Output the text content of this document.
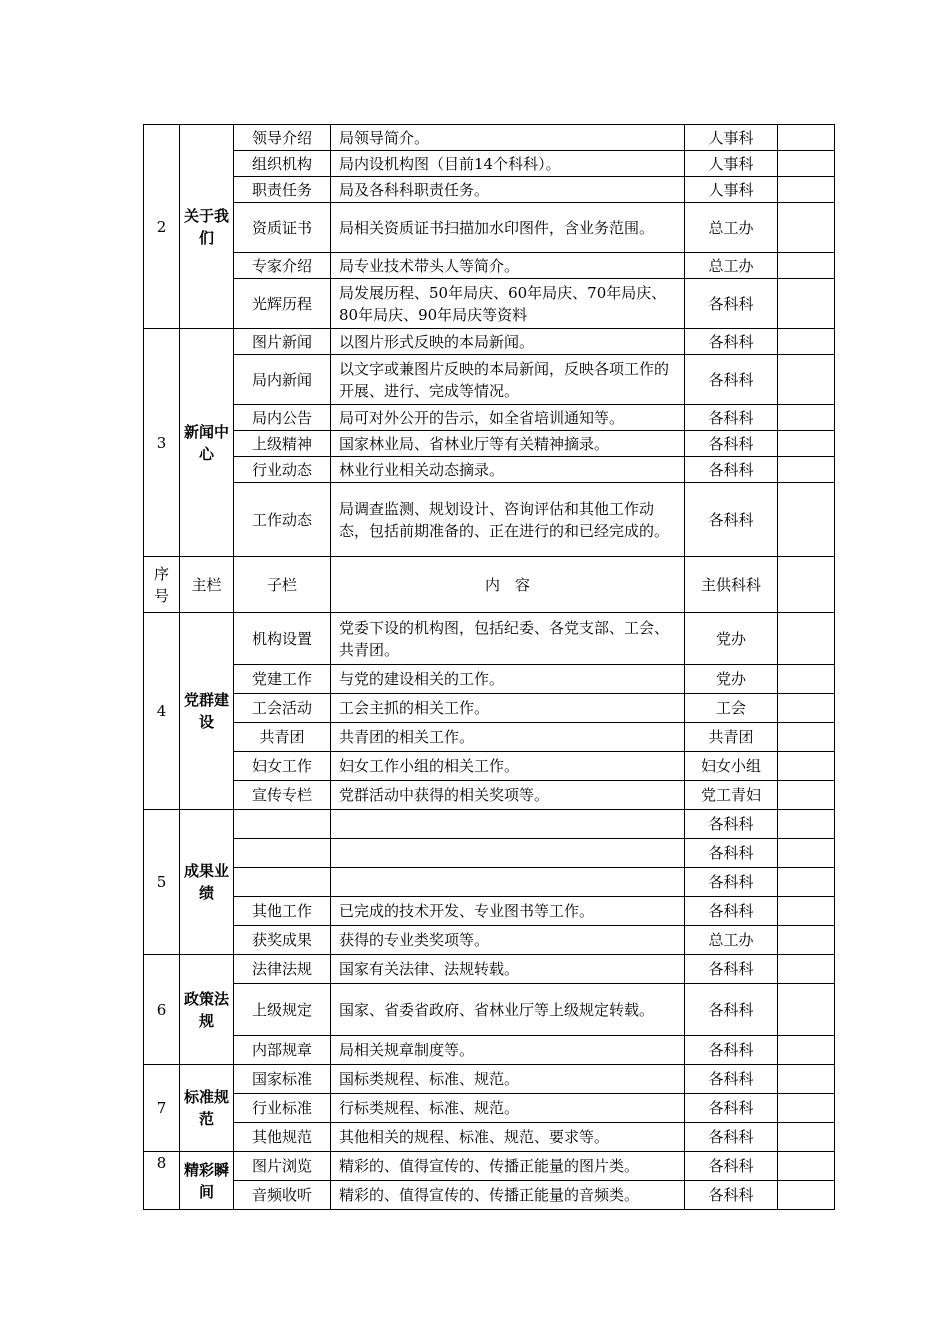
2	关于我们	领导介绍	局领导简介。	人事科	
		组织机构	局内设机构图（目前14个科科）。	人事科	
		职责任务	局及各科科职责任务。	人事科	
		资质证书	局相关资质证书扫描加水印图件，含业务范围。	总工办	
		专家介绍	局专业技术带头人等简介。	总工办	
		光辉历程	局发展历程、50年局庆、60年局庆、70年局庆、80年局庆、90年局庆等资料	各科科	
3	新闻中心	图片新闻	以图片形式反映的本局新闻。	各科科	
		局内新闻	以文字或兼图片反映的本局新闻，反映各项工作的开展、进行、完成等情况。	各科科	
		局内公告	局可对外公开的告示，如全省培训通知等。	各科科	
		上级精神	国家林业局、省林业厅等有关精神摘录。	各科科	
		行业动态	林业行业相关动态摘录。	各科科	
		工作动态	局调查监测、规划设计、咨询评估和其他工作动态，包括前期准备的、正在进行的和已经完成的。	各科科	
序号	主栏	子栏	内　容	主供科科	
4	党群建设	机构设置	党委下设的机构图，包括纪委、各党支部、工会、共青团。	党办	
		党建工作	与党的建设相关的工作。	党办	
		工会活动	工会主抓的相关工作。	工会	
		共青团	共青团的相关工作。	共青团	
		妇女工作	妇女工作小组的相关工作。	妇女小组	
		宣传专栏	党群活动中获得的相关奖项等。	党工青妇	
5	成果业绩			各科科	
				各科科	
				各科科	
		其他工作	已完成的技术开发、专业图书等工作。	各科科	
		获奖成果	获得的专业类奖项等。	总工办	
6	政策法规	法律法规	国家有关法律、法规转载。	各科科	
		上级规定	国家、省委省政府、省林业厅等上级规定转载。	各科科	
		内部规章	局相关规章制度等。	各科科	
7	标准规范	国家标准	国标类规程、标准、规范。	各科科	
		行业标准	行标类规程、标准、规范。	各科科	
		其他规范	其他相关的规程、标准、规范、要求等。	各科科	
8	精彩瞬间	图片浏览	精彩的、值得宣传的、传播正能量的图片类。	各科科	
		音频收听	精彩的、值得宣传的、传播正能量的音频类。	各科科	
